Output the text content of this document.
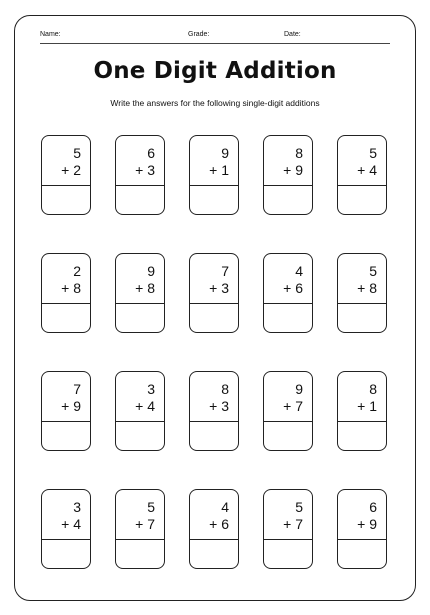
Name:	Grade:	Date:
One Digit Addition
Write the answers for the following single-digit additions
5
+ 2
6
+ 3
9
+ 1
8
+ 9
5
+ 4
2
+ 8
9
+ 8
7
+ 3
4
+ 6
5
+ 8
7
+ 9
3
+ 4
8
+ 3
9
+ 7
8
+ 1
3
+ 4
5
+ 7
4
+ 6
5
+ 7
6
+ 9
